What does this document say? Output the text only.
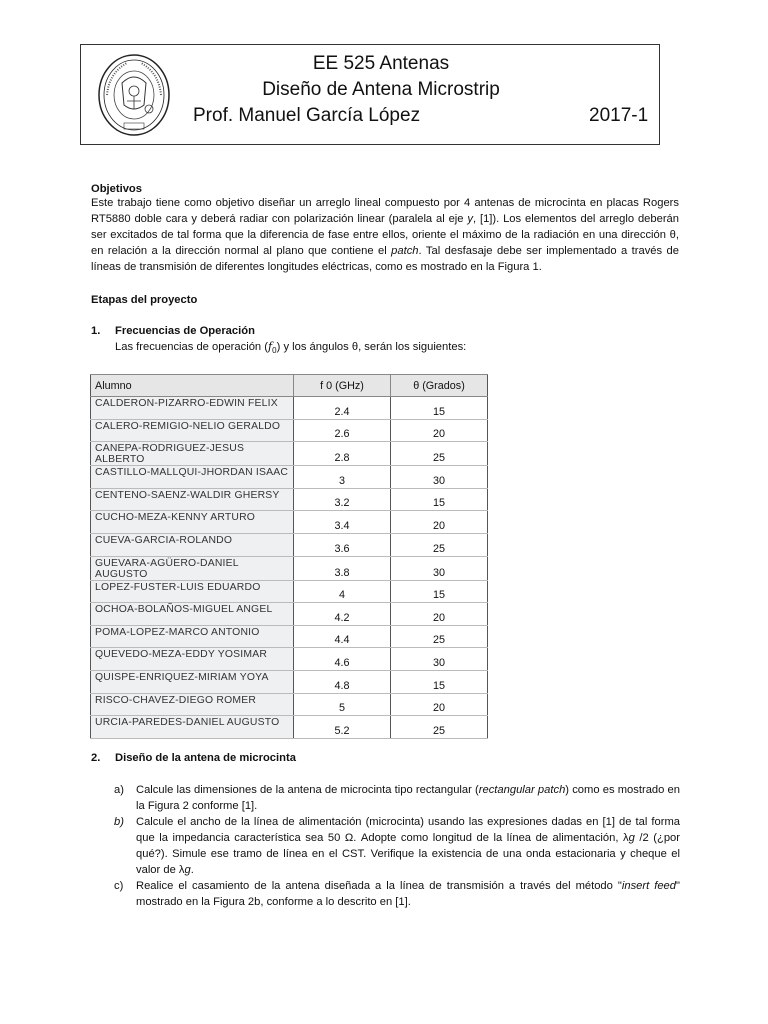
EE 525 Antenas
Diseño de Antena Microstrip
Prof. Manuel García López	2017-1
Objetivos
Este trabajo tiene como objetivo diseñar un arreglo lineal compuesto por 4 antenas de microcinta en placas Rogers RT5880 doble cara y deberá radiar con polarización linear (paralela al eje y, [1]). Los elementos del arreglo deberán ser excitados de tal forma que la diferencia de fase entre ellos, oriente el máximo de la radiación en una dirección θ, en relación a la dirección normal al plano que contiene el patch. Tal desfasaje debe ser implementado a través de líneas de transmisión de diferentes longitudes eléctricas, como es mostrado en la Figura 1.
Etapas del proyecto
1. Frecuencias de Operación
Las frecuencias de operación $(f_0)$ y los ángulos θ, serán los siguientes:
Alumno	f 0 (GHz)	θ (Grados)
CALDERON-PIZARRO-EDWIN FELIX	2.4	15
CALERO-REMIGIO-NELIO GERALDO	2.6	20
CANEPA-RODRIGUEZ-JESUS ALBERTO	2.8	25
CASTILLO-MALLQUI-JHORDAN ISAAC	3	30
CENTENO-SAENZ-WALDIR GHERSY	3.2	15
CUCHO-MEZA-KENNY ARTURO	3.4	20
CUEVA-GARCIA-ROLANDO	3.6	25
GUEVARA-AGÜERO-DANIEL AUGUSTO	3.8	30
LOPEZ-FUSTER-LUIS EDUARDO	4	15
OCHOA-BOLAÑOS-MIGUEL ANGEL	4.2	20
POMA-LOPEZ-MARCO ANTONIO	4.4	25
QUEVEDO-MEZA-EDDY YOSIMAR	4.6	30
QUISPE-ENRIQUEZ-MIRIAM YOYA	4.8	15
RISCO-CHAVEZ-DIEGO ROMER	5	20
URCIA-PAREDES-DANIEL AUGUSTO	5.2	25
2. Diseño de la antena de microcinta
a) Calcule las dimensiones de la antena de microcinta tipo rectangular (rectangular patch) como es mostrado en la Figura 2 conforme [1].
b) Calcule el ancho de la línea de alimentación (microcinta) usando las expresiones dadas en [1] de tal forma que la impedancia característica sea 50 Ω. Adopte como longitud de la línea de alimentación, λg /2 (¿por qué?). Simule ese tramo de línea en el CST. Verifique la existencia de una onda estacionaria y cheque el valor de λg.
c) Realice el casamiento de la antena diseñada a la línea de transmisión a través del método "insert feed" mostrado en la Figura 2b, conforme a lo descrito en [1].
